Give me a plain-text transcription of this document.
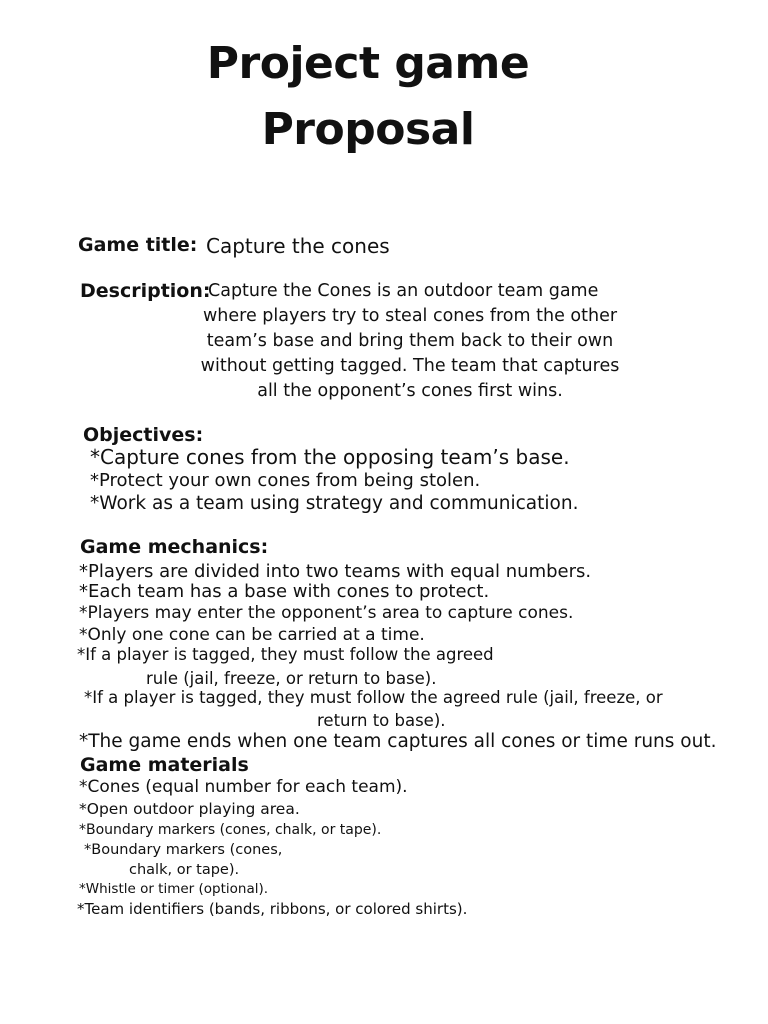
Project game
Proposal
Game title: Capture the cones
Description:
Capture the Cones is an outdoor team game
where players try to steal cones from the other
team’s base and bring them back to their own
without getting tagged. The team that captures
all the opponent’s cones first wins.
Objectives:
*Capture cones from the opposing team’s base.
*Protect your own cones from being stolen.
*Work as a team using strategy and communication.
Game mechanics:
*Players are divided into two teams with equal numbers.
*Each team has a base with cones to protect.
*Players may enter the opponent’s area to capture cones.
*Only one cone can be carried at a time.
*If a player is tagged, they must follow the agreed
rule (jail, freeze, or return to base).
*If a player is tagged, they must follow the agreed rule (jail, freeze, or
return to base).
*The game ends when one team captures all cones or time runs out.
Game materials
*Cones (equal number for each team).
*Open outdoor playing area.
*Boundary markers (cones, chalk, or tape).
*Boundary markers (cones,
chalk, or tape).
*Whistle or timer (optional).
*Team identifiers (bands, ribbons, or colored shirts).
